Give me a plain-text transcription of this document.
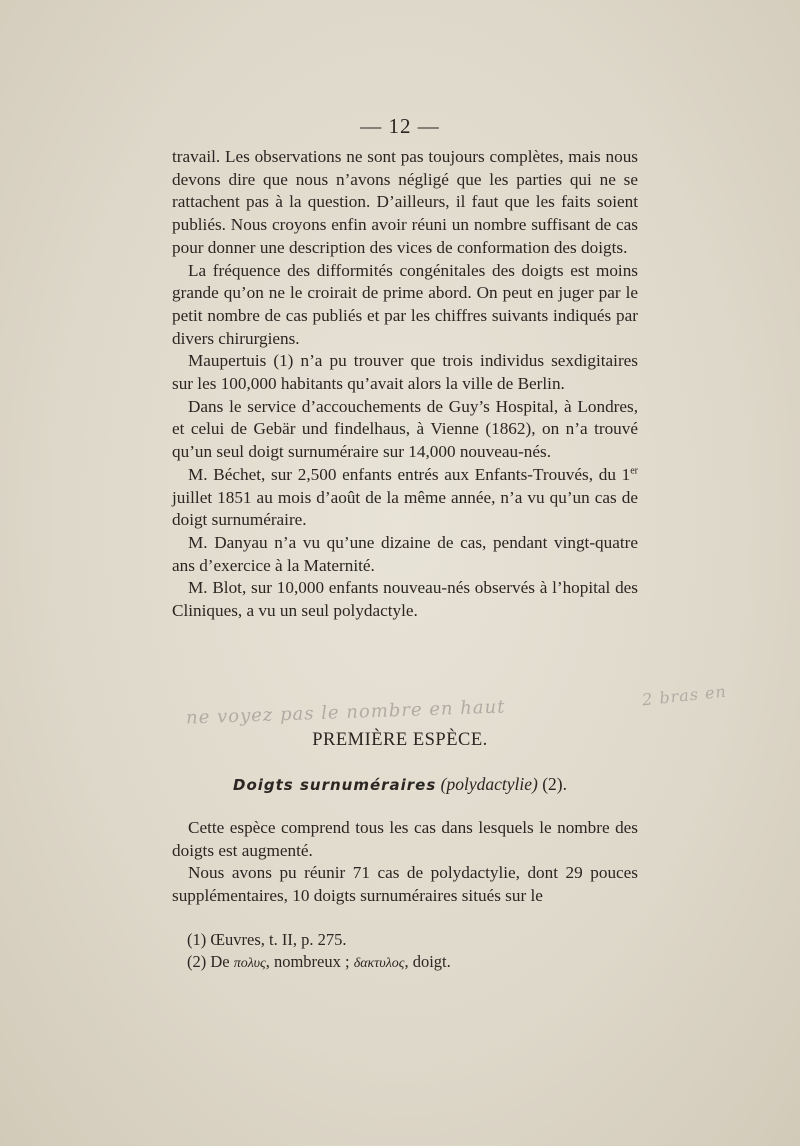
— 12 —

travail. Les observations ne sont pas toujours complètes, mais nous devons dire que nous n’avons négligé que les parties qui ne se rattachent pas à la question. D’ailleurs, il faut que les faits soient publiés. Nous croyons enfin avoir réuni un nombre suffisant de cas pour donner une description des vices de conformation des doigts.

La fréquence des difformités congénitales des doigts est moins grande qu’on ne le croirait de prime abord. On peut en juger par le petit nombre de cas publiés et par les chiffres suivants indiqués par divers chirurgiens.

Maupertuis (1) n’a pu trouver que trois individus sexdigitaires sur les 100,000 habitants qu’avait alors la ville de Berlin.

Dans le service d’accouchements de Guy’s Hospital, à Londres, et celui de Gebär und findelhaus, à Vienne (1862), on n’a trouvé qu’un seul doigt surnuméraire sur 14,000 nouveau-nés.

M. Béchet, sur 2,500 enfants entrés aux Enfants-Trouvés, du 1er juillet 1851 au mois d’août de la même année, n’a vu qu’un cas de doigt surnuméraire.

M. Danyau n’a vu qu’une dizaine de cas, pendant vingt-quatre ans d’exercice à la Maternité.

M. Blot, sur 10,000 enfants nouveau-nés observés à l’hopital des Cliniques, a vu un seul polydactyle.

ne voyez pas le nombre en haut
2 bras en
PREMIÈRE ESPÈCE.
Doigts surnuméraires (polydactylie) (2).

Cette espèce comprend tous les cas dans lesquels le nombre des doigts est augmenté.

Nous avons pu réunir 71 cas de polydactylie, dont 29 pouces supplémentaires, 10 doigts surnuméraires situés sur le

(1) Œuvres, t. II, p. 275.
(2) De πολυς, nombreux ; δακτυλος, doigt.
